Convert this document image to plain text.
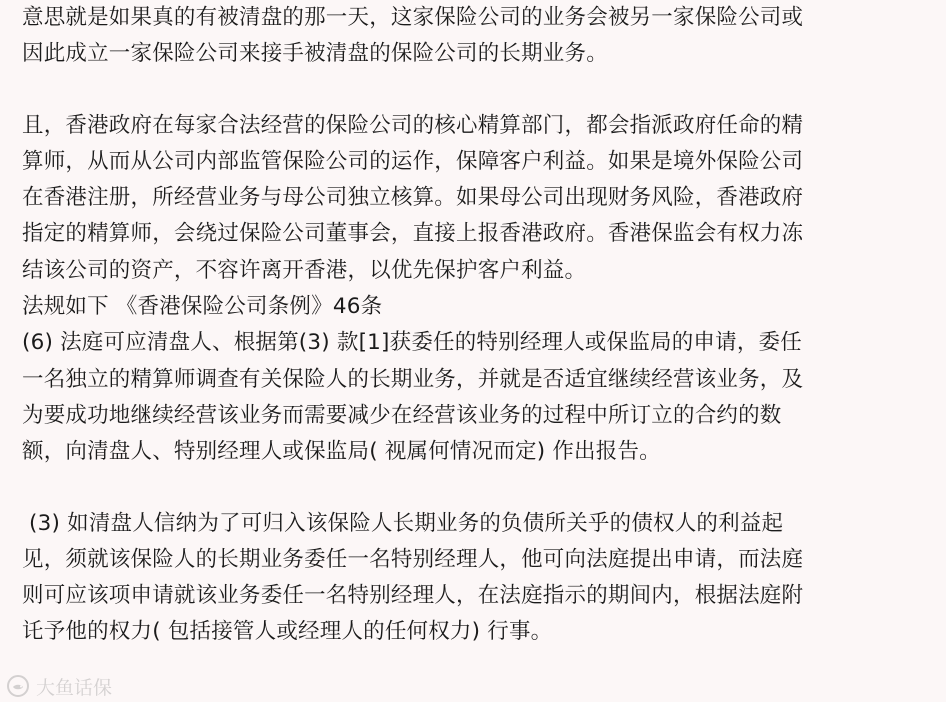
意思就是如果真的有被清盘的那一天，这家保险公司的业务会被另一家保险公司或
因此成立一家保险公司来接手被清盘的保险公司的长期业务。
且，香港政府在每家合法经营的保险公司的核心精算部门，都会指派政府任命的精
算师，从而从公司内部监管保险公司的运作，保障客户利益。如果是境外保险公司
在香港注册，所经营业务与母公司独立核算。如果母公司出现财务风险，香港政府
指定的精算师，会绕过保险公司董事会，直接上报香港政府。香港保监会有权力冻
结该公司的资产，不容许离开香港，以优先保护客户利益。
法规如下 《香港保险公司条例》46条
(6) 法庭可应清盘人、根据第(3) 款[1]获委任的特别经理人或保监局的申请，委任
一名独立的精算师调查有关保险人的长期业务，并就是否适宜继续经营该业务，及
为要成功地继续经营该业务而需要减少在经营该业务的过程中所订立的合约的数
额，向清盘人、特别经理人或保监局( 视属何情况而定) 作出报告。
(3) 如清盘人信纳为了可归入该保险人长期业务的负债所关乎的债权人的利益起
见，须就该保险人的长期业务委任一名特别经理人，他可向法庭提出申请，而法庭
则可应该项申请就该业务委任一名特别经理人，在法庭指示的期间内，根据法庭附
讬予他的权力( 包括接管人或经理人的任何权力) 行事。
大鱼话保
